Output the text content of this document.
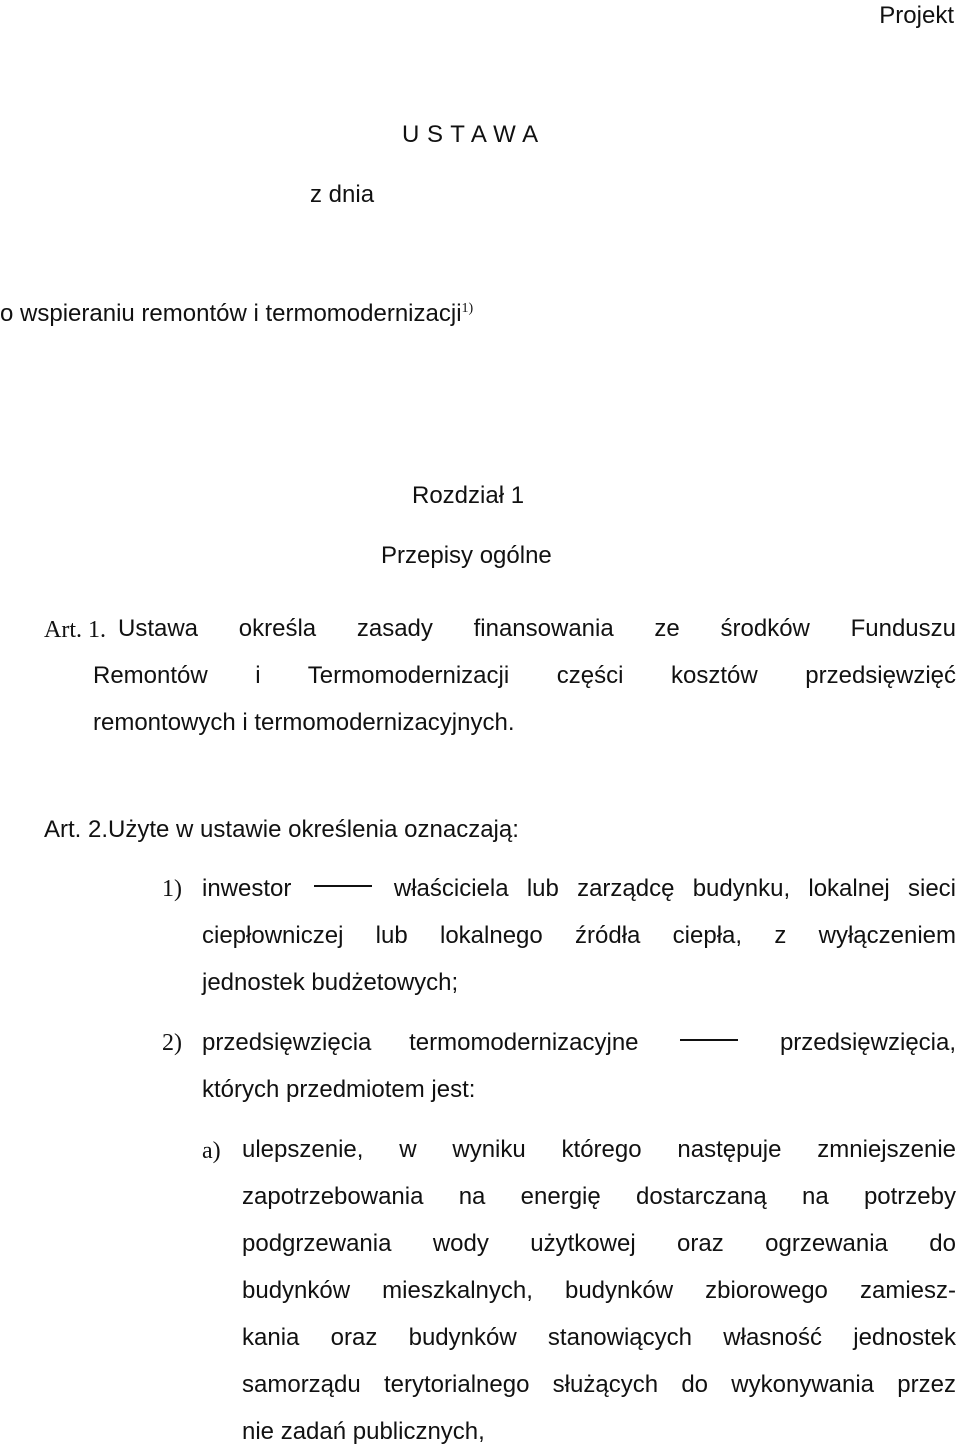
Projekt
U S T A W A
z dnia
o wspieraniu remontów i termomodernizacji$^{1)}$
Rozdział 1
Przepisy ogólne
Art. 1. Ustawa określa zasady finansowania ze środków Funduszu
Remontów i Termomodernizacji części kosztów przedsięwzięć
remontowych i termomodernizacyjnych.
Art. 2.Użyte w ustawie określenia oznaczają:
1) inwestor	właściciela lub zarządcę budynku, lokalnej sieci
ciepłowniczej lub lokalnego źródła ciepła, z wyłączeniem
jednostek budżetowych;
2) przedsięwzięcia termomodernizacyjne	przedsięwzięcia,
których przedmiotem jest:
a) ulepszenie, w wyniku którego następuje zmniejszenie
zapotrzebowania na energię dostarczaną na potrzeby
podgrzewania wody użytkowej oraz ogrzewania do
budynków mieszkalnych, budynków zbiorowego zamiesz-
kania oraz budynków stanowiących własność jednostek
samorządu terytorialnego służących do wykonywania przez
nie zadań publicznych,
